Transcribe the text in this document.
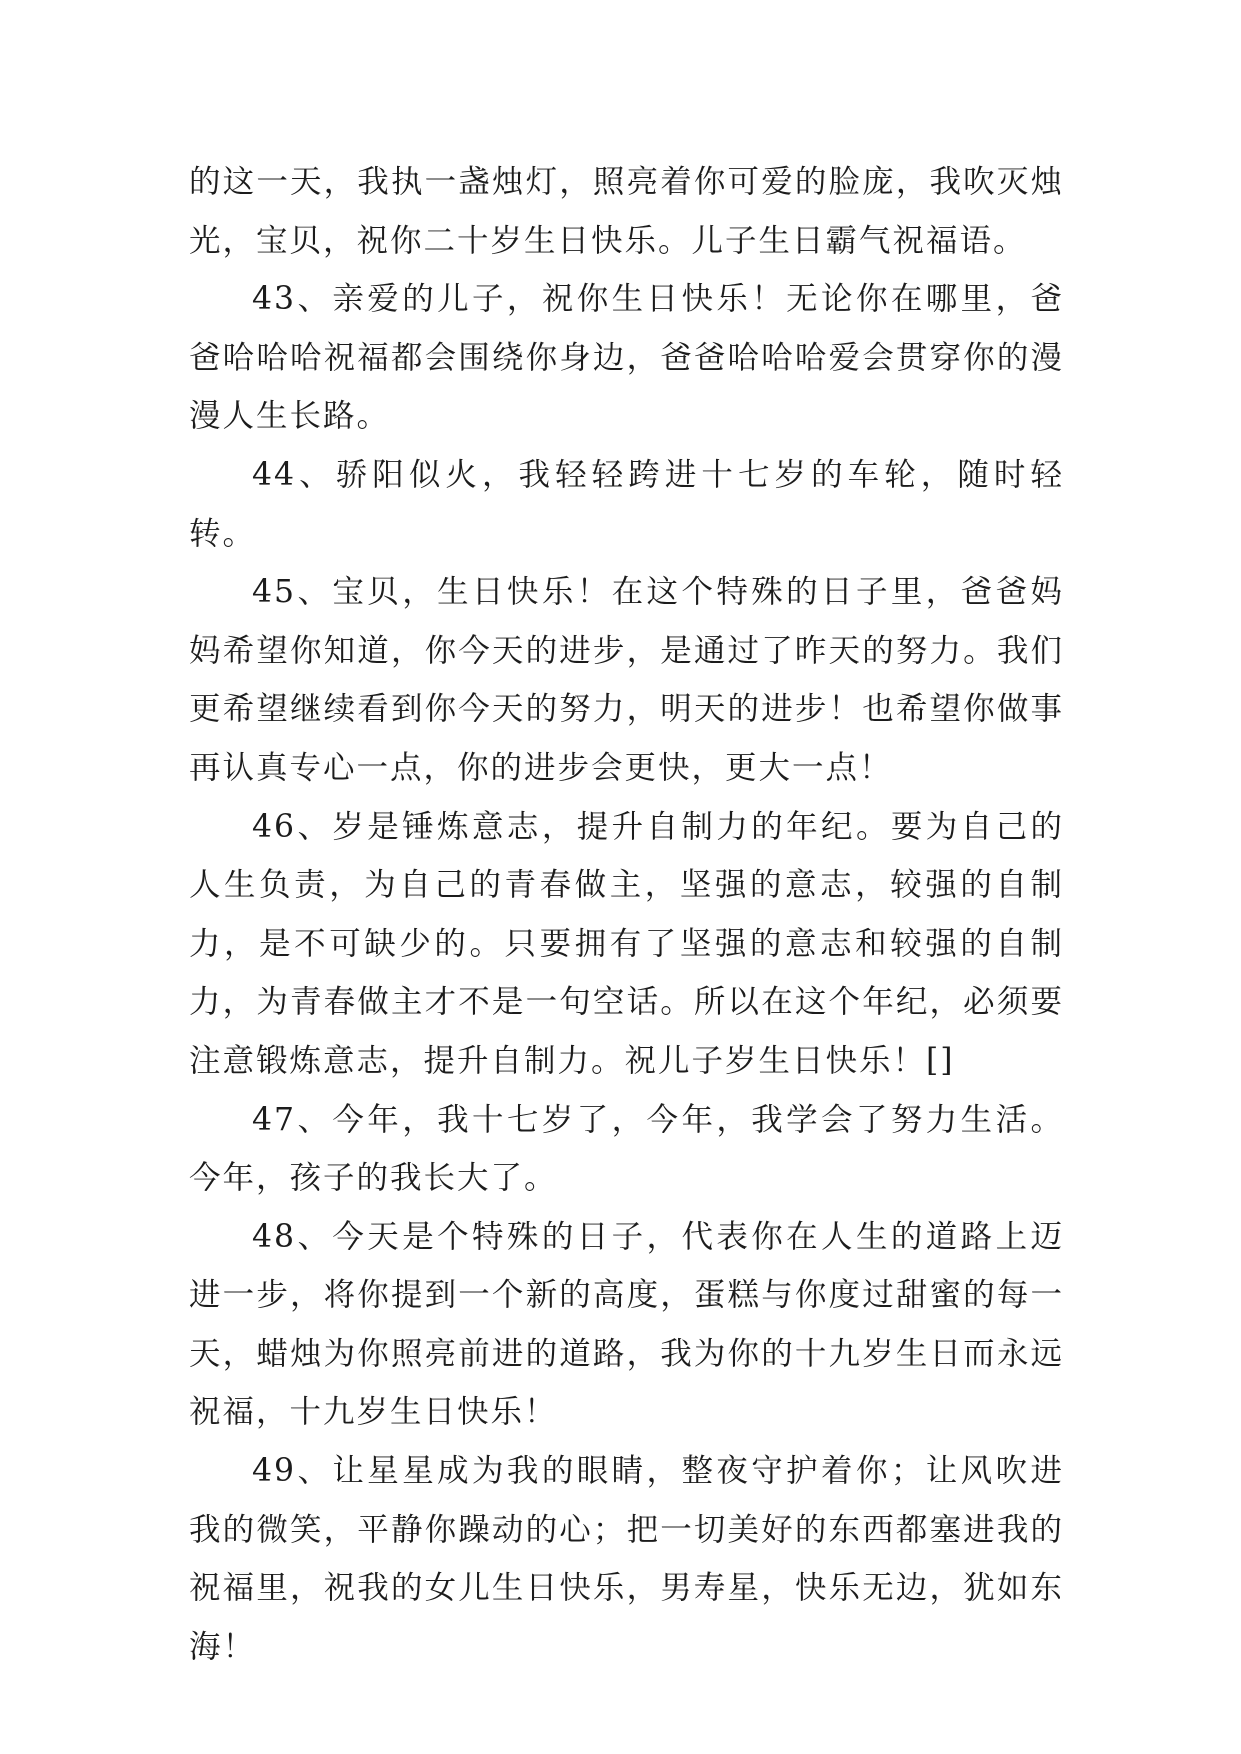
的这一天，我执一盏烛灯，照亮着你可爱的脸庞，我吹灭烛光，宝贝，祝你二十岁生日快乐。儿子生日霸气祝福语。

43、亲爱的儿子，祝你生日快乐！无论你在哪里，爸爸哈哈哈祝福都会围绕你身边，爸爸哈哈哈爱会贯穿你的漫漫人生长路。

44、骄阳似火，我轻轻跨进十七岁的车轮，随时轻转。

45、宝贝，生日快乐！在这个特殊的日子里，爸爸妈妈希望你知道，你今天的进步，是通过了昨天的努力。我们更希望继续看到你今天的努力，明天的进步！也希望你做事再认真专心一点，你的进步会更快，更大一点！

46、岁是锤炼意志，提升自制力的年纪。要为自己的人生负责，为自己的青春做主，坚强的意志，较强的自制力，是不可缺少的。只要拥有了坚强的意志和较强的自制力，为青春做主才不是一句空话。所以在这个年纪，必须要注意锻炼意志，提升自制力。祝儿子岁生日快乐！[]

47、今年，我十七岁了，今年，我学会了努力生活。今年，孩子的我长大了。

48、今天是个特殊的日子，代表你在人生的道路上迈进一步，将你提到一个新的高度，蛋糕与你度过甜蜜的每一天，蜡烛为你照亮前进的道路，我为你的十九岁生日而永远祝福，十九岁生日快乐！

49、让星星成为我的眼睛，整夜守护着你；让风吹进我的微笑，平静你躁动的心；把一切美好的东西都塞进我的祝福里，祝我的女儿生日快乐，男寿星，快乐无边，犹如东海！
